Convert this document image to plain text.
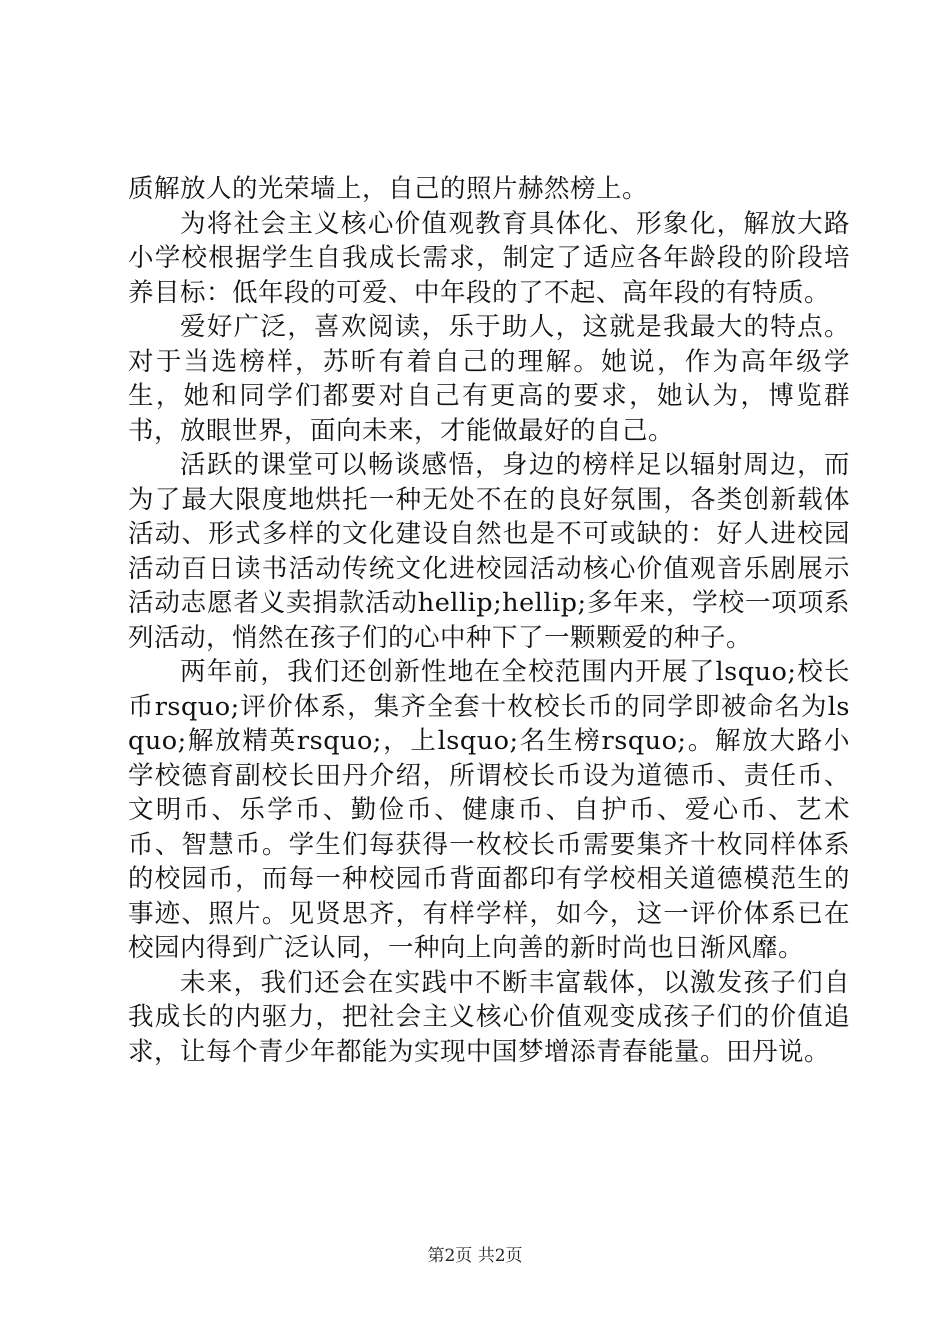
质解放人的光荣墙上，自己的照片赫然榜上。

为将社会主义核心价值观教育具体化、形象化，解放大路小学校根据学生自我成长需求，制定了适应各年龄段的阶段培养目标：低年段的可爱、中年段的了不起、高年段的有特质。

爱好广泛，喜欢阅读，乐于助人，这就是我最大的特点。对于当选榜样，苏昕有着自己的理解。她说，作为高年级学生，她和同学们都要对自己有更高的要求，她认为，博览群书，放眼世界，面向未来，才能做最好的自己。

活跃的课堂可以畅谈感悟，身边的榜样足以辐射周边，而为了最大限度地烘托一种无处不在的良好氛围，各类创新载体活动、形式多样的文化建设自然也是不可或缺的：好人进校园活动百日读书活动传统文化进校园活动核心价值观音乐剧展示活动志愿者义卖捐款活动hellip;hellip;多年来，学校一项项系列活动，悄然在孩子们的心中种下了一颗颗爱的种子。

两年前，我们还创新性地在全校范围内开展了lsquo;校长币rsquo;评价体系，集齐全套十枚校长币的同学即被命名为lsquo;解放精英rsquo;，上lsquo;名生榜rsquo;。解放大路小学校德育副校长田丹介绍，所谓校长币设为道德币、责任币、文明币、乐学币、勤俭币、健康币、自护币、爱心币、艺术币、智慧币。学生们每获得一枚校长币需要集齐十枚同样体系的校园币，而每一种校园币背面都印有学校相关道德模范生的事迹、照片。见贤思齐，有样学样，如今，这一评价体系已在校园内得到广泛认同，一种向上向善的新时尚也日渐风靡。

未来，我们还会在实践中不断丰富载体，以激发孩子们自我成长的内驱力，把社会主义核心价值观变成孩子们的价值追求，让每个青少年都能为实现中国梦增添青春能量。田丹说。

第2页 共2页
